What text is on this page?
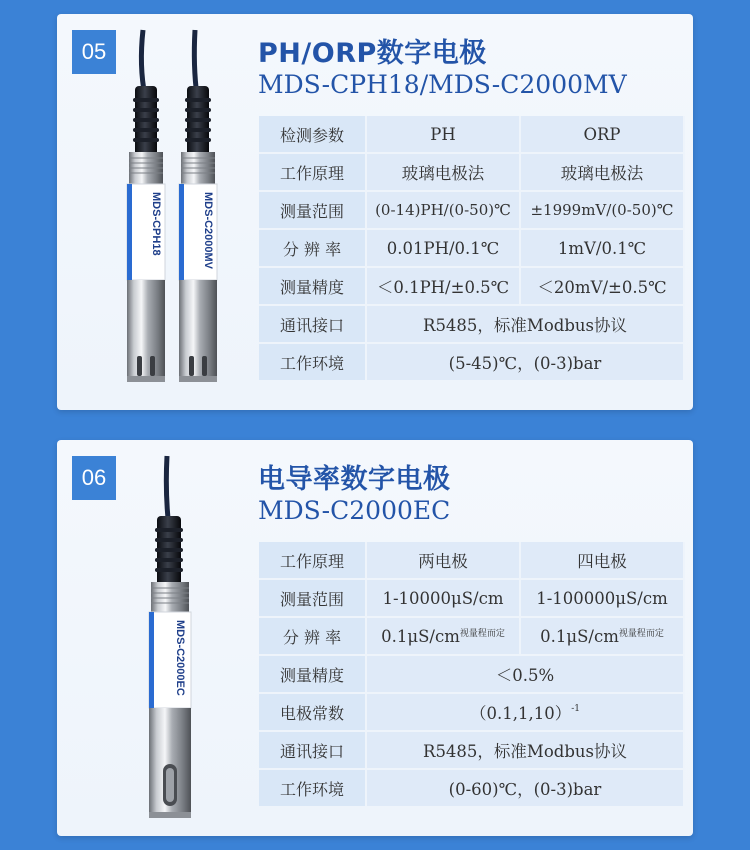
05
MDS-CPH18	MDS-C2000MV
PH/ORP数字电极
MDS-CPH18/MDS-C2000MV
检测参数	PH	ORP
工作原理	玻璃电极法	玻璃电极法
测量范围	(0-14)PH/(0-50)℃	±1999mV/(0-50)℃
分 辨 率	0.01PH/0.1℃	1mV/0.1℃
测量精度	＜0.1PH/±0.5℃	＜20mV/±0.5℃
通讯接口	R5485，标准Modbus协议	
工作环境	(5-45)℃，(0-3)bar	
06
MDS-C2000EC
电导率数字电极
MDS-C2000EC
工作原理	两电极	四电极
测量范围	1-10000μS/cm	1-100000μS/cm
分 辨 率	$0.1\mu S/cm^{视量程而定}$	$0.1\mu S/cm^{视量程而定}$
测量精度	＜0.5%	
电极常数	$(0.1,1,10)^{-1}$
通讯接口	R5485，标准Modbus协议	
工作环境	(0-60)℃，(0-3)bar	
